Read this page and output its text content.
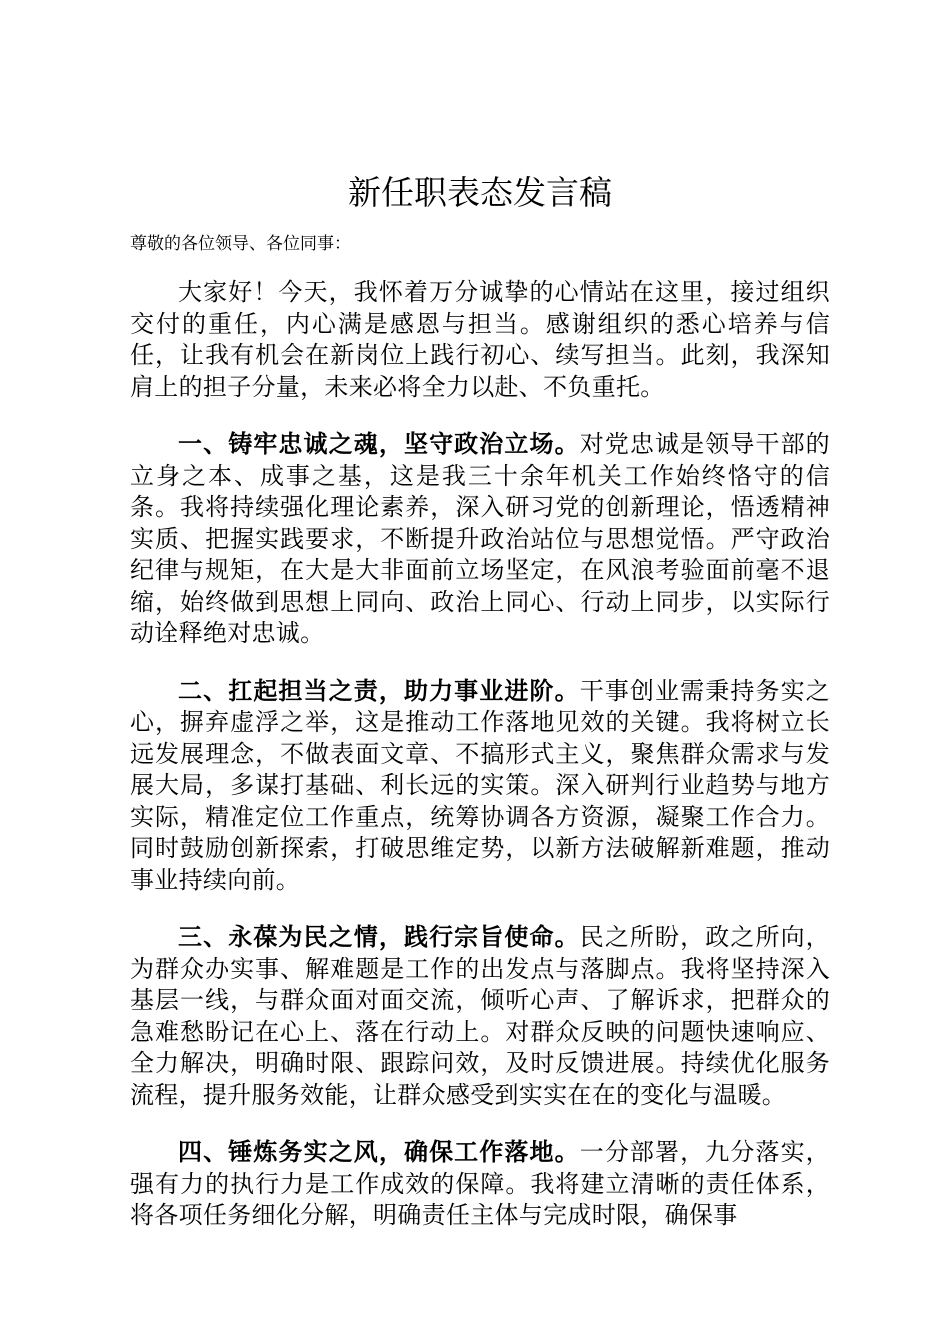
新任职表态发言稿

尊敬的各位领导、各位同事：

大家好！今天，我怀着万分诚挚的心情站在这里，接过组织交付的重任，内心满是感恩与担当。感谢组织的悉心培养与信任，让我有机会在新岗位上践行初心、续写担当。此刻，我深知肩上的担子分量，未来必将全力以赴、不负重托。

一、铸牢忠诚之魂，坚守政治立场。对党忠诚是领导干部的立身之本、成事之基，这是我三十余年机关工作始终恪守的信条。我将持续强化理论素养，深入研习党的创新理论，悟透精神实质、把握实践要求，不断提升政治站位与思想觉悟。严守政治纪律与规矩，在大是大非面前立场坚定，在风浪考验面前毫不退缩，始终做到思想上同向、政治上同心、行动上同步，以实际行动诠释绝对忠诚。

二、扛起担当之责，助力事业进阶。干事创业需秉持务实之心，摒弃虚浮之举，这是推动工作落地见效的关键。我将树立长远发展理念，不做表面文章、不搞形式主义，聚焦群众需求与发展大局，多谋打基础、利长远的实策。深入研判行业趋势与地方实际，精准定位工作重点，统筹协调各方资源，凝聚工作合力。同时鼓励创新探索，打破思维定势，以新方法破解新难题，推动事业持续向前。

三、永葆为民之情，践行宗旨使命。民之所盼，政之所向，为群众办实事、解难题是工作的出发点与落脚点。我将坚持深入基层一线，与群众面对面交流，倾听心声、了解诉求，把群众的急难愁盼记在心上、落在行动上。对群众反映的问题快速响应、全力解决，明确时限、跟踪问效，及时反馈进展。持续优化服务流程，提升服务效能，让群众感受到实实在在的变化与温暖。

四、锤炼务实之风，确保工作落地。一分部署，九分落实，强有力的执行力是工作成效的保障。我将建立清晰的责任体系，将各项任务细化分解，明确责任主体与完成时限，确保事
